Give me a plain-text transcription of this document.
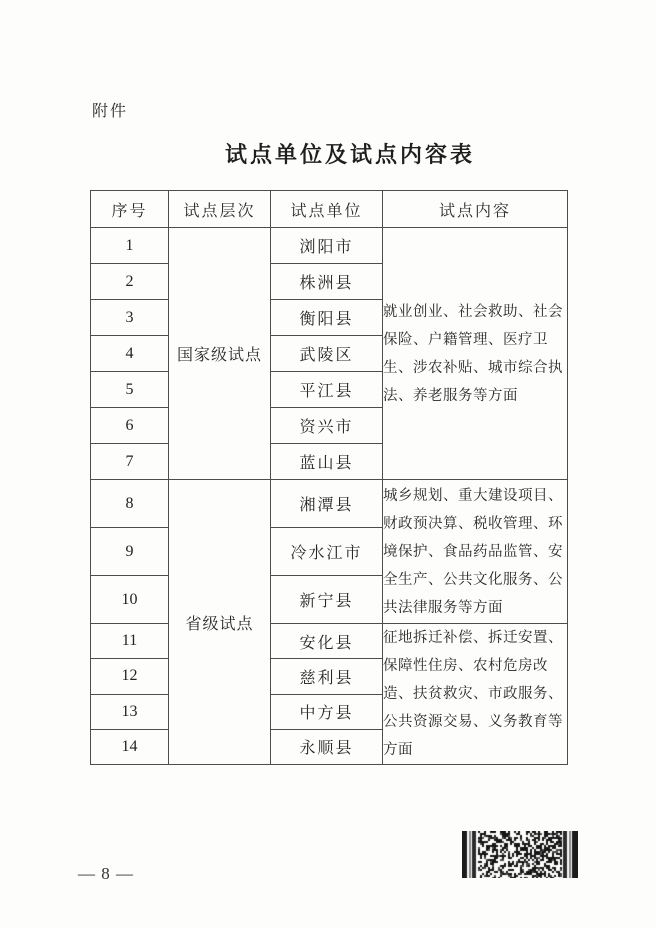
附件
试点单位及试点内容表
序号	试点层次	试点单位	试点内容
1	国家级试点	浏阳市	就业创业、社会救助、社会保险、户籍管理、医疗卫生、涉农补贴、城市综合执法、养老服务等方面
2		株洲县	
3		衡阳县	
4		武陵区	
5		平江县	
6		资兴市	
7		蓝山县	
8	省级试点	湘潭县	城乡规划、重大建设项目、财政预决算、税收管理、环境保护、食品药品监管、安全生产、公共文化服务、公共法律服务等方面
9		冷水江市	
10		新宁县	
11		安化县	征地拆迁补偿、拆迁安置、保障性住房、农村危房改造、扶贫救灾、市政服务、公共资源交易、义务教育等方面
12		慈利县	
13		中方县	
14		永顺县	
— 8 —
